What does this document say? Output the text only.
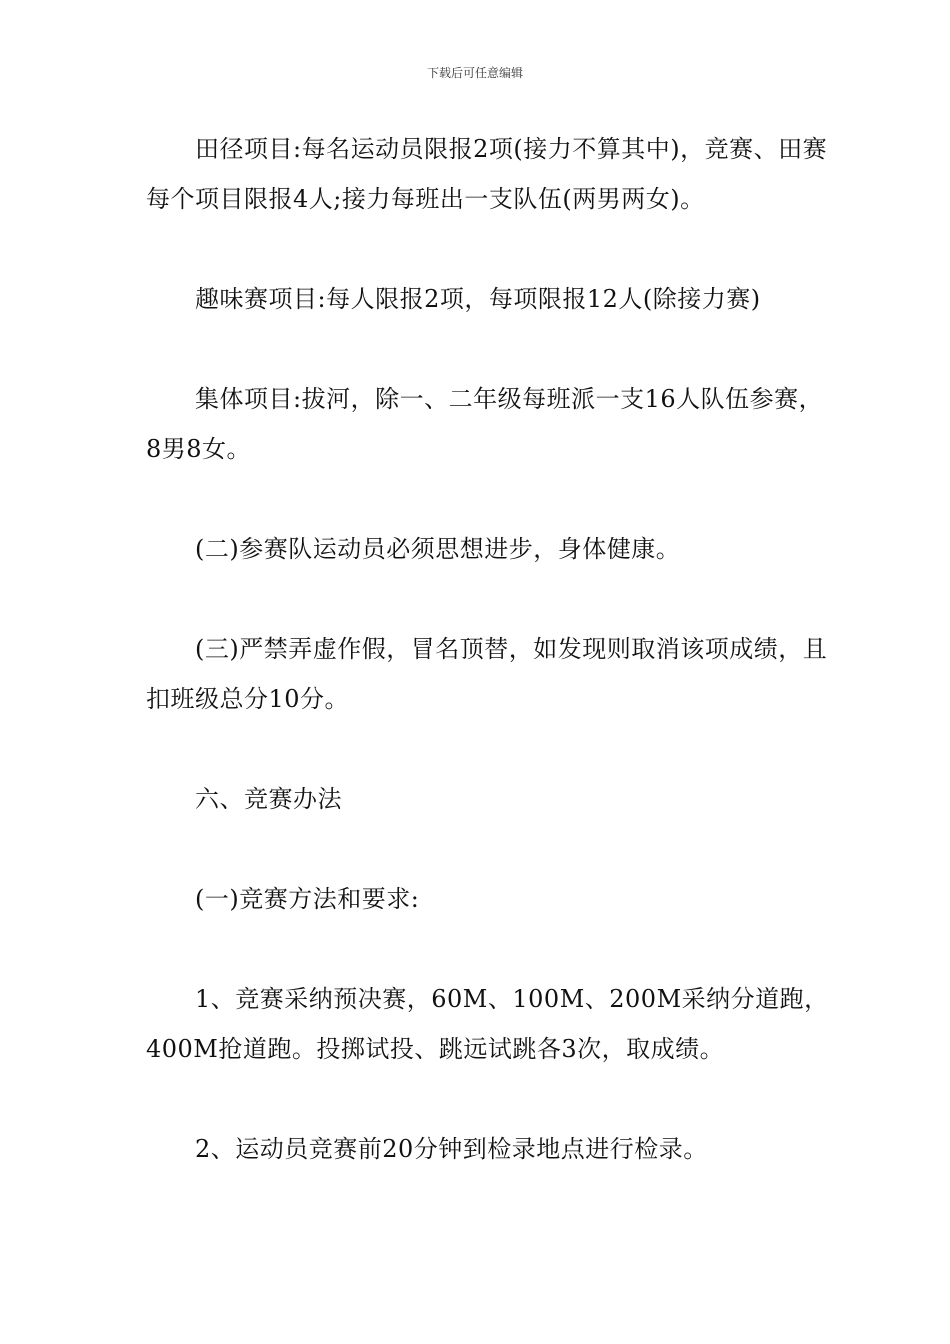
下载后可任意编辑

田径项目:每名运动员限报2项(接力不算其中)，竞赛、田赛每个项目限报4人;接力每班出一支队伍(两男两女)。

趣味赛项目:每人限报2项，每项限报12人(除接力赛)

集体项目:拔河，除一、二年级每班派一支16人队伍参赛，8男8女。

(二)参赛队运动员必须思想进步，身体健康。

(三)严禁弄虚作假，冒名顶替，如发现则取消该项成绩，且扣班级总分10分。

六、竞赛办法

(一)竞赛方法和要求:

1、竞赛采纳预决赛，60M、100M、200M采纳分道跑，400M抢道跑。投掷试投、跳远试跳各3次，取成绩。

2、运动员竞赛前20分钟到检录地点进行检录。
